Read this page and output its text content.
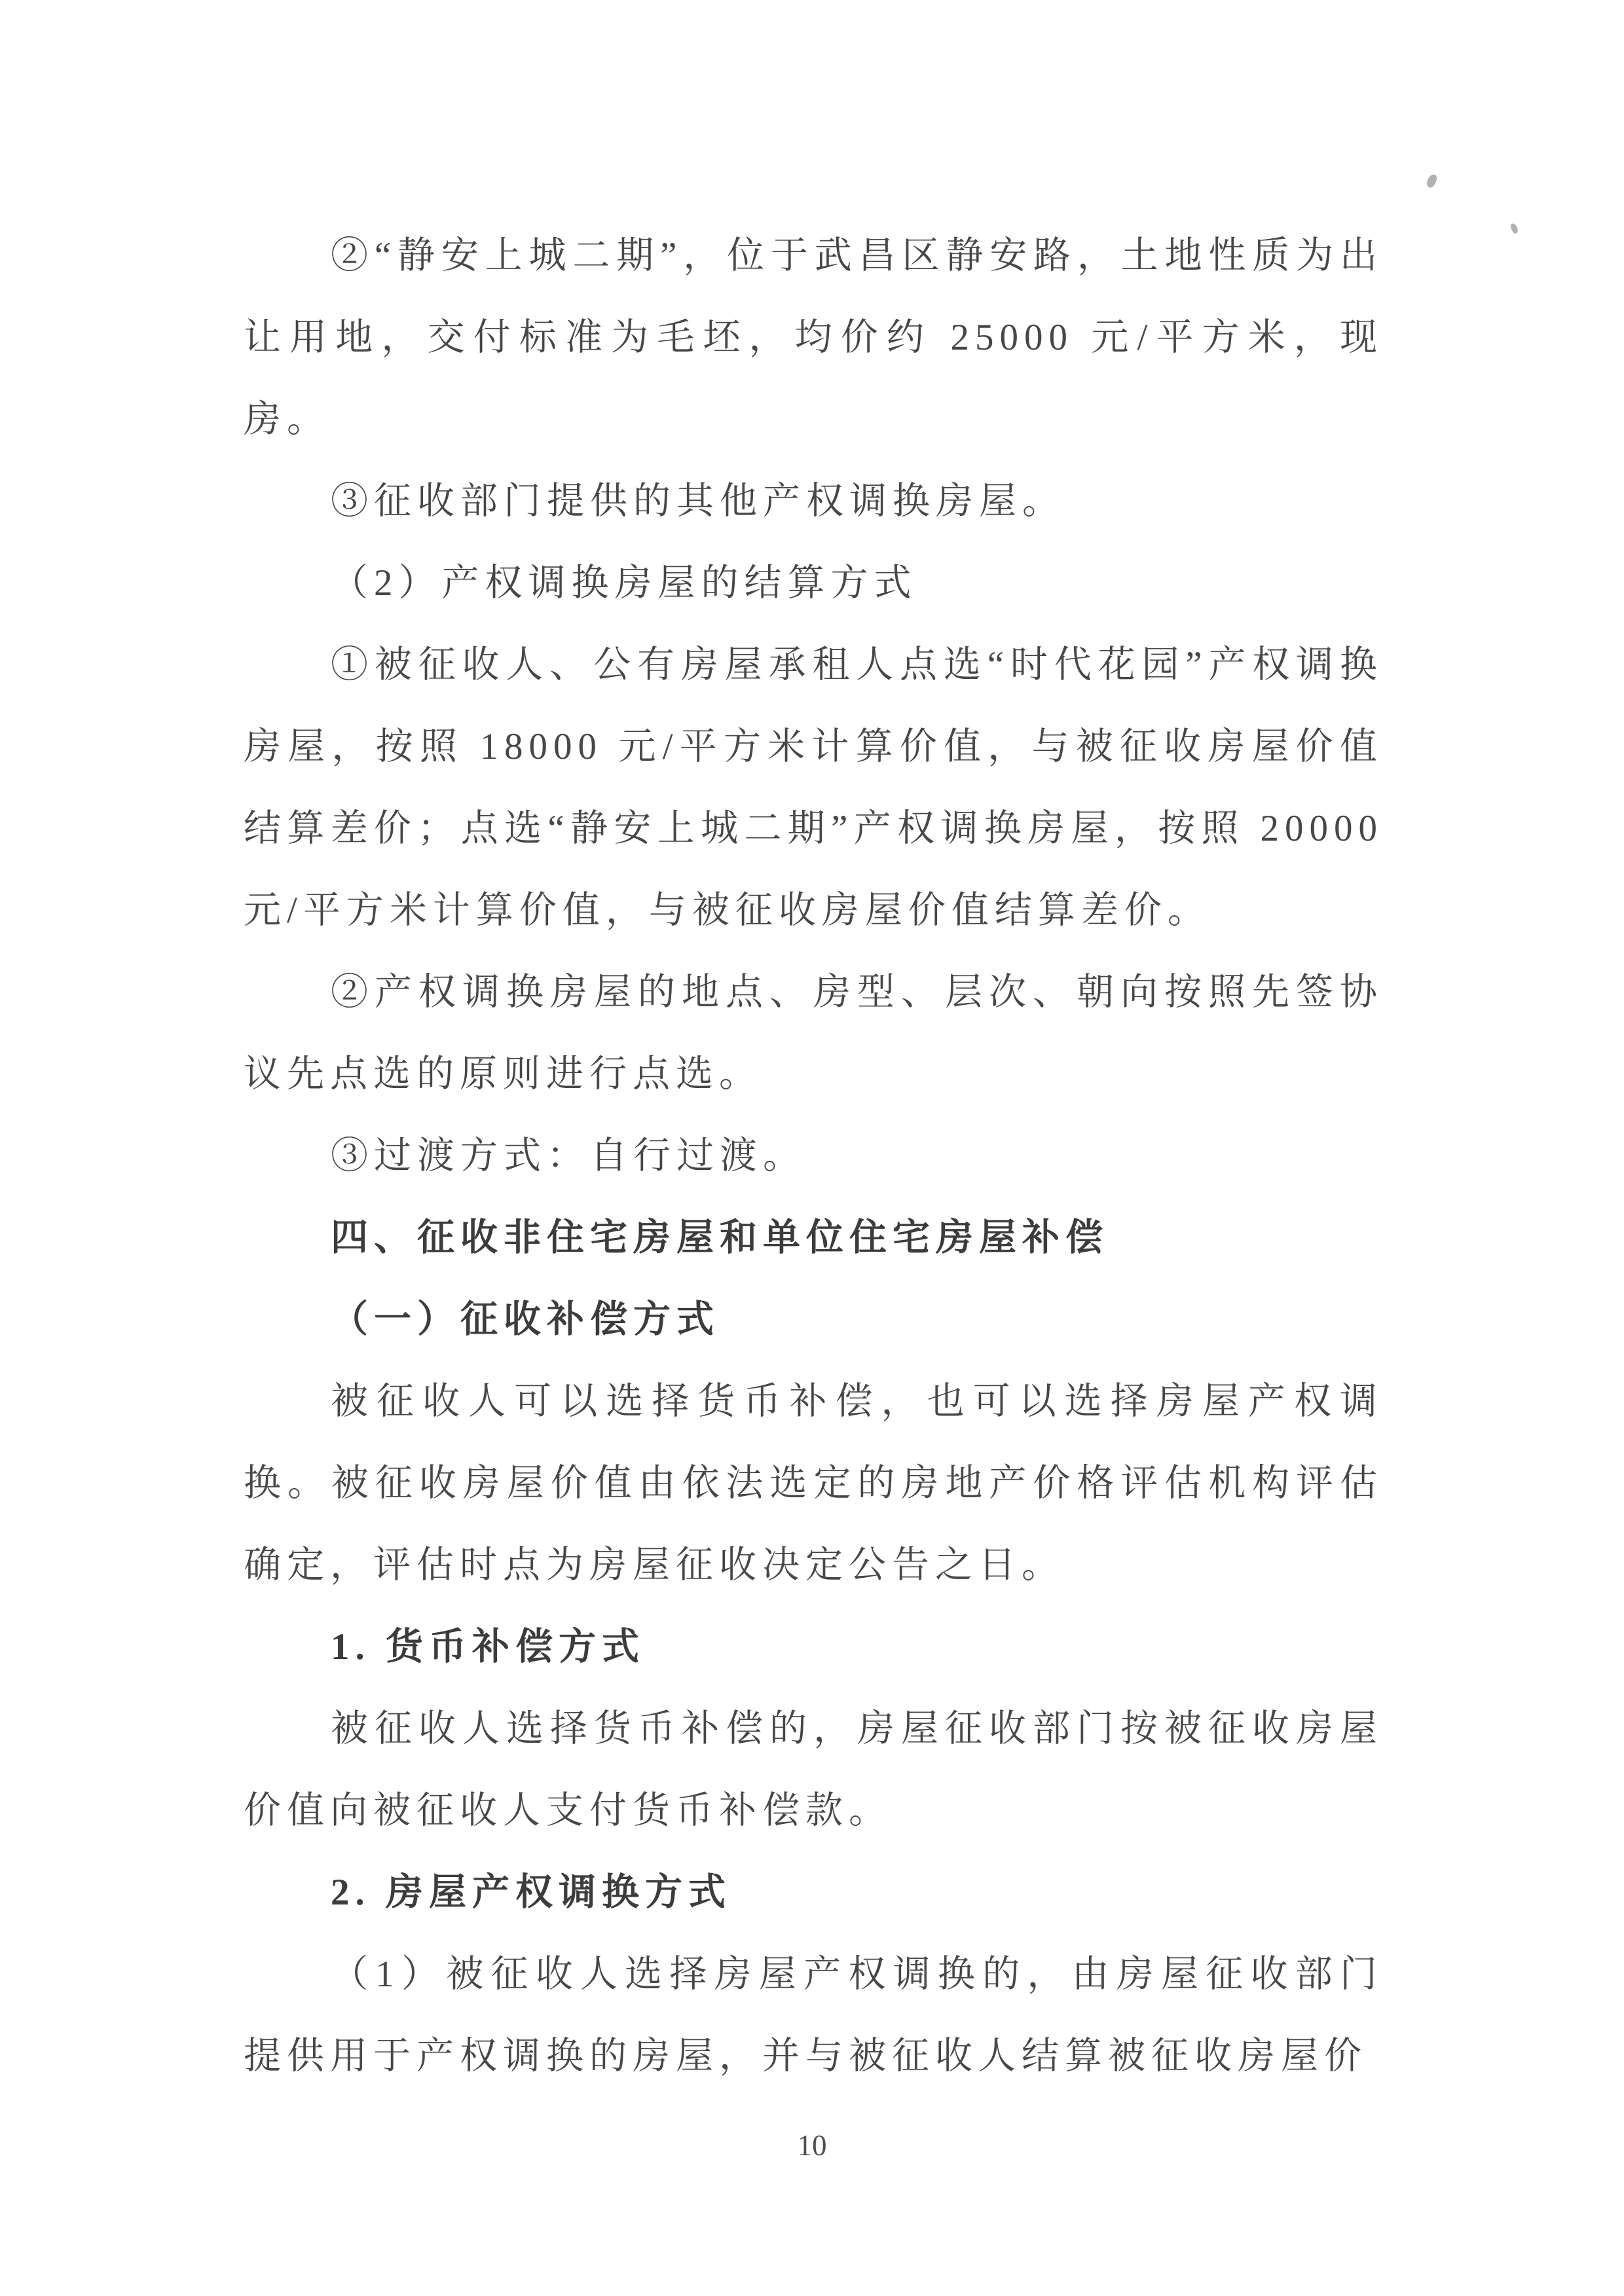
②“静安上城二期”，位于武昌区静安路，土地性质为出让用地，交付标准为毛坯，均价约 25000 元/平方米，现房。

③征收部门提供的其他产权调换房屋。

（2）产权调换房屋的结算方式

①被征收人、公有房屋承租人点选“时代花园”产权调换房屋，按照 18000 元/平方米计算价值，与被征收房屋价值结算差价；点选“静安上城二期”产权调换房屋，按照 20000 元/平方米计算价值，与被征收房屋价值结算差价。

②产权调换房屋的地点、房型、层次、朝向按照先签协议先点选的原则进行点选。

③过渡方式：自行过渡。

四、征收非住宅房屋和单位住宅房屋补偿

（一）征收补偿方式

被征收人可以选择货币补偿，也可以选择房屋产权调换。被征收房屋价值由依法选定的房地产价格评估机构评估确定，评估时点为房屋征收决定公告之日。

1. 货币补偿方式

被征收人选择货币补偿的，房屋征收部门按被征收房屋价值向被征收人支付货币补偿款。

2. 房屋产权调换方式

（1）被征收人选择房屋产权调换的，由房屋征收部门提供用于产权调换的房屋，并与被征收人结算被征收房屋价

10
